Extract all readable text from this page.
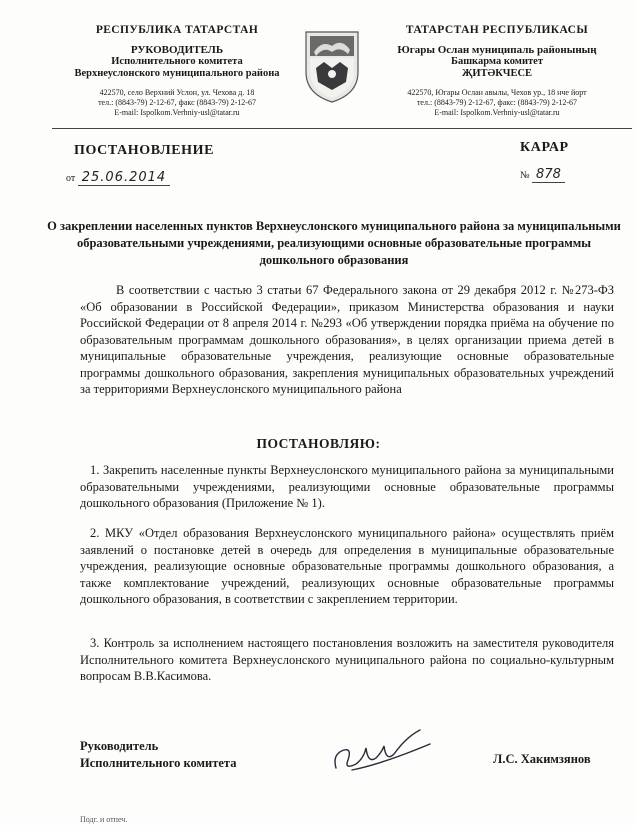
РЕСПУБЛИКА ТАТАРСТАН
РУКОВОДИТЕЛЬ
Исполнительного комитета
Верхнеуслонского муниципального района
422570, село Верхний Услон, ул. Чехова д. 18
тел.: (8843-79) 2-12-67, факс (8843-79) 2-12-67
E-mail: Ispolkom.Verhniy-usl@tatar.ru
ТАТАРСТАН РЕСПУБЛИКАСЫ
Югары Ослан муниципаль районының
Башкарма комитет
ҖИТӘКЧЕСЕ
422570, Югары Ослан авылы, Чехов ур., 18 нче йорт
тел.: (8843-79) 2-12-67, факс: (8843-79) 2-12-67
E-mail: Ispolkom.Verhniy-usl@tatar.ru
ПОСТАНОВЛЕНИЕ	КАРАР
от 25.06.2014	№ 878
О закреплении населенных пунктов Верхнеуслонского муниципального района за муниципальными образовательными учреждениями, реализующими основные образовательные программы дошкольного образования
В соответствии с частью 3 статьи 67 Федерального закона от 29 декабря 2012 г. №273-ФЗ «Об образовании в Российской Федерации», приказом Министерства образования и науки Российской Федерации от 8 апреля 2014 г. №293 «Об утверждении порядка приёма на обучение по образовательным программам дошкольного образования», в целях организации приема детей в муниципальные образовательные учреждения, реализующие основные образовательные программы дошкольного образования, закрепления муниципальных образовательных учреждений за территориями Верхнеуслонского муниципального района
ПОСТАНОВЛЯЮ:
1. Закрепить населенные пункты Верхнеуслонского муниципального района за муниципальными образовательными учреждениями, реализующими основные образовательные программы дошкольного образования (Приложение № 1).
2. МКУ «Отдел образования Верхнеуслонского муниципального района» осуществлять приём заявлений о постановке детей в очередь для определения в муниципальные образовательные учреждения, реализующие основные образовательные программы дошкольного образования, а также комплектование учреждений, реализующих основные образовательные программы дошкольного образования, в соответствии с закреплением территории.
3. Контроль за исполнением настоящего постановления возложить на заместителя руководителя Исполнительного комитета Верхнеуслонского муниципального района по социально-культурным вопросам В.В.Касимова.
Руководитель
Исполнительного комитета	Л.С. Хакимзянов
Подг. и отпеч.
